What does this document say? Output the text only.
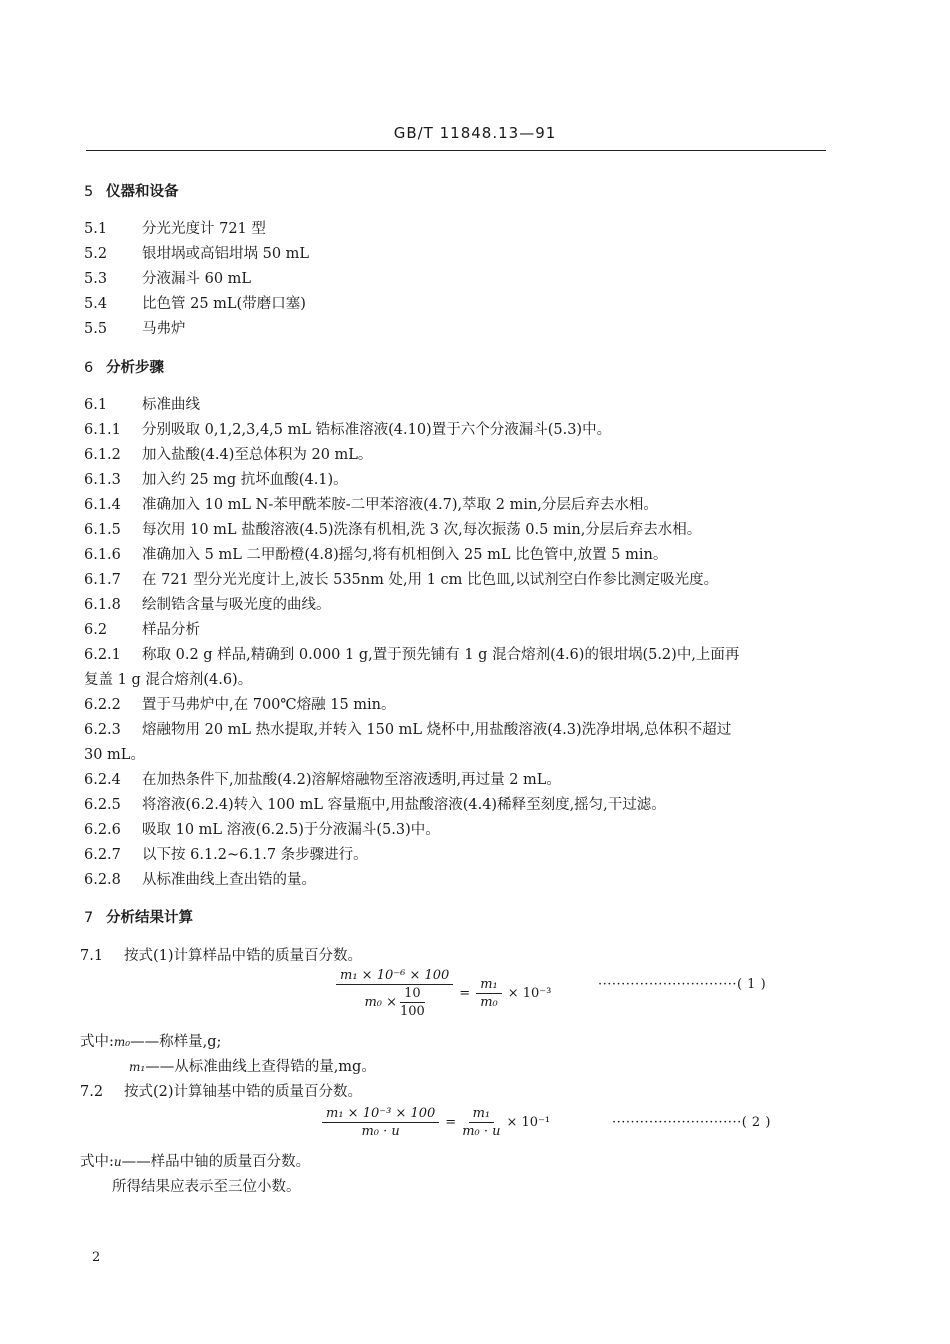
GB/T 11848.13—91
5 仪器和设备
5.1 分光光度计 721 型
5.2 银坩埚或高铝坩埚 50 mL
5.3 分液漏斗 60 mL
5.4 比色管 25 mL(带磨口塞)
5.5 马弗炉
6 分析步骤
6.1 标准曲线
6.1.1 分别吸取 0,1,2,3,4,5 mL 锆标准溶液(4.10)置于六个分液漏斗(5.3)中。
6.1.2 加入盐酸(4.4)至总体积为 20 mL。
6.1.3 加入约 25 mg 抗坏血酸(4.1)。
6.1.4 准确加入 10 mL N-苯甲酰苯胺-二甲苯溶液(4.7),萃取 2 min,分层后弃去水相。
6.1.5 每次用 10 mL 盐酸溶液(4.5)洗涤有机相,洗 3 次,每次振荡 0.5 min,分层后弃去水相。
6.1.6 准确加入 5 mL 二甲酚橙(4.8)摇匀,将有机相倒入 25 mL 比色管中,放置 5 min。
6.1.7 在 721 型分光光度计上,波长 535nm 处,用 1 cm 比色皿,以试剂空白作参比测定吸光度。
6.1.8 绘制锆含量与吸光度的曲线。
6.2 样品分析
6.2.1 称取 0.2 g 样品,精确到 0.000 1 g,置于预先铺有 1 g 混合熔剂(4.6)的银坩埚(5.2)中,上面再
复盖 1 g 混合熔剂(4.6)。
6.2.2 置于马弗炉中,在 700℃熔融 15 min。
6.2.3 熔融物用 20 mL 热水提取,并转入 150 mL 烧杯中,用盐酸溶液(4.3)洗净坩埚,总体积不超过
30 mL。
6.2.4 在加热条件下,加盐酸(4.2)溶解熔融物至溶液透明,再过量 2 mL。
6.2.5 将溶液(6.2.4)转入 100 mL 容量瓶中,用盐酸溶液(4.4)稀释至刻度,摇匀,干过滤。
6.2.6 吸取 10 mL 溶液(6.2.5)于分液漏斗(5.3)中。
6.2.7 以下按 6.1.2~6.1.7 条步骤进行。
6.2.8 从标准曲线上查出锆的量。
7 分析结果计算
7.1 按式(1)计算样品中锆的质量百分数。
$\frac{\text{m₁ × 10⁻⁶ × 100}}{m_0 \times \frac{10}{100}} = \frac{\text{m₁}}{\text{m₀}} \times 10^{-3}$
······························( 1 )
式中:m₀——称样量,g;
m₁——从标准曲线上查得锆的量,mg。
7.2 按式(2)计算铀基中锆的质量百分数。
$\frac{\text{m₁ × 10⁻³ × 100}}{\text{m₀ · u}} = \frac{\text{m₁}}{\text{m₀ · u}} \times 10^{-1}$	····························( 2 )
式中:u——样品中铀的质量百分数。
所得结果应表示至三位小数。
2
